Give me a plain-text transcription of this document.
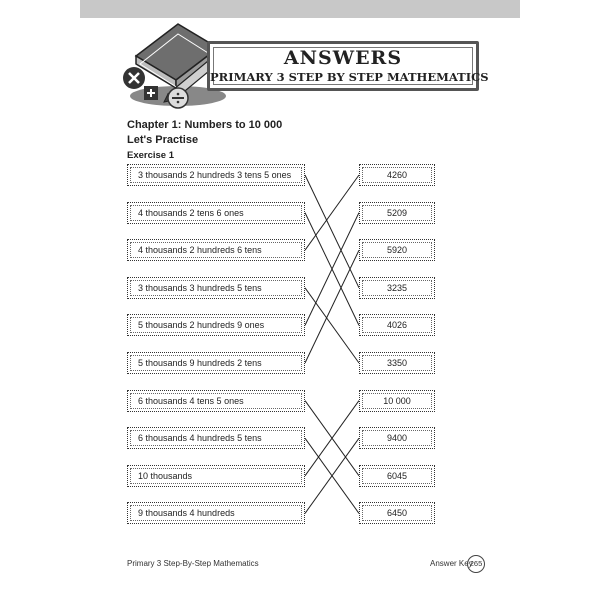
ANSWERS
PRIMARY 3 STEP BY STEP MATHEMATICS
Chapter 1: Numbers to 10 000
Let's Practise
Exercise 1
3 thousands 2 hundreds 3 tens 5 ones
4 thousands 2 tens 6 ones
4 thousands 2 hundreds 6 tens
3 thousands 3 hundreds 5 tens
5 thousands 2 hundreds 9 ones
5 thousands 9 hundreds 2 tens
6 thousands 4 tens 5 ones
6 thousands 4 hundreds 5 tens
10 thousands
9 thousands 4 hundreds
4260
5209
5920
3235
4026
3350
10 000
9400
6045
6450
Primary 3 Step-By-Step Mathematics	Answer Key
265
